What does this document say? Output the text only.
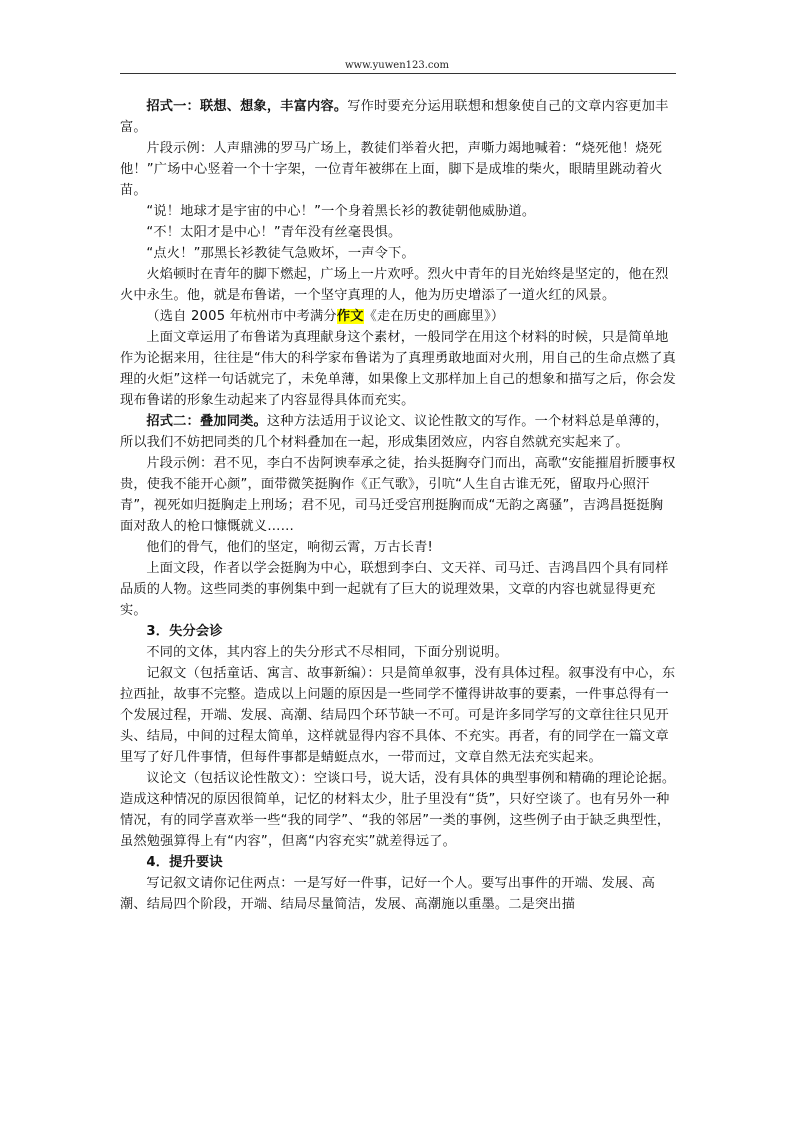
www.yuwen123.com

招式一：联想、想象，丰富内容。写作时要充分运用联想和想象使自己的文章内容更加丰富。

片段示例：人声鼎沸的罗马广场上，教徒们举着火把，声嘶力竭地喊着：“烧死他！烧死他！”广场中心竖着一个十字架，一位青年被绑在上面，脚下是成堆的柴火，眼睛里跳动着火苗。

“说！地球才是宇宙的中心！”一个身着黑长衫的教徒朝他威胁道。

“不！太阳才是中心！”青年没有丝毫畏惧。

“点火！”那黑长衫教徒气急败坏，一声令下。

火焰顿时在青年的脚下燃起，广场上一片欢呼。烈火中青年的目光始终是坚定的，他在烈火中永生。他，就是布鲁诺，一个坚守真理的人，他为历史增添了一道火红的风景。

（选自 2005 年杭州市中考满分作文《走在历史的画廊里》）

上面文章运用了布鲁诺为真理献身这个素材，一般同学在用这个材料的时候，只是简单地作为论据来用，往往是“伟大的科学家布鲁诺为了真理勇敢地面对火刑，用自己的生命点燃了真理的火炬”这样一句话就完了，未免单薄，如果像上文那样加上自己的想象和描写之后，你会发现布鲁诺的形象生动起来了内容显得具体而充实。

招式二：叠加同类。这种方法适用于议论文、议论性散文的写作。一个材料总是单薄的，所以我们不妨把同类的几个材料叠加在一起，形成集团效应，内容自然就充实起来了。

片段示例：君不见，李白不齿阿谀奉承之徒，抬头挺胸夺门而出，高歌“安能摧眉折腰事权贵，使我不能开心颜”，面带微笑挺胸作《正气歌》，引吭“人生自古谁无死，留取丹心照汗青”，视死如归挺胸走上刑场；君不见，司马迁受宫刑挺胸而成“无韵之离骚”，吉鸿昌挺挺胸面对敌人的枪口慷慨就义……

他们的骨气，他们的坚定，响彻云霄，万古长青!

上面文段，作者以学会挺胸为中心，联想到李白、文天祥、司马迁、吉鸿昌四个具有同样品质的人物。这些同类的事例集中到一起就有了巨大的说理效果，文章的内容也就显得更充实。

3．失分会诊

不同的文体，其内容上的失分形式不尽相同，下面分别说明。

记叙文（包括童话、寓言、故事新编）：只是简单叙事，没有具体过程。叙事没有中心，东拉西扯，故事不完整。造成以上问题的原因是一些同学不懂得讲故事的要素，一件事总得有一个发展过程，开端、发展、高潮、结局四个环节缺一不可。可是许多同学写的文章往往只见开头、结局，中间的过程太简单，这样就显得内容不具体、不充实。再者，有的同学在一篇文章里写了好几件事情，但每件事都是蜻蜓点水，一带而过，文章自然无法充实起来。

议论文（包括议论性散文）：空谈口号，说大话，没有具体的典型事例和精确的理论论据。造成这种情况的原因很简单，记忆的材料太少，肚子里没有“货”，只好空谈了。也有另外一种情况，有的同学喜欢举一些“我的同学”、“我的邻居”一类的事例，这些例子由于缺乏典型性，虽然勉强算得上有“内容”，但离“内容充实”就差得远了。

4．提升要诀

写记叙文请你记住两点：一是写好一件事，记好一个人。要写出事件的开端、发展、高潮、结局四个阶段，开端、结局尽量简洁，发展、高潮施以重墨。二是突出描
